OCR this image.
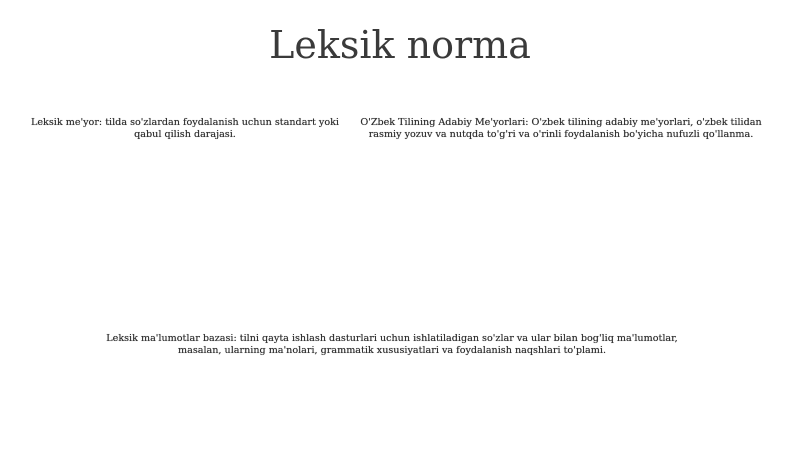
Leksik norma
Leksik me'yor: tilda so'zlardan foydalanish uchun standart yoki qabul qilish darajasi.
O'Zbek Tilining Adabiy Me'yorlari: O'zbek tilining adabiy me'yorlari, o'zbek tilidan rasmiy yozuv va nutqda to'g'ri va o'rinli foydalanish bo'yicha nufuzli qo'llanma.
Leksik ma'lumotlar bazasi: tilni qayta ishlash dasturlari uchun ishlatiladigan so'zlar va ular bilan bog'liq ma'lumotlar, masalan, ularning ma'nolari, grammatik xususiyatlari va foydalanish naqshlari to'plami.
